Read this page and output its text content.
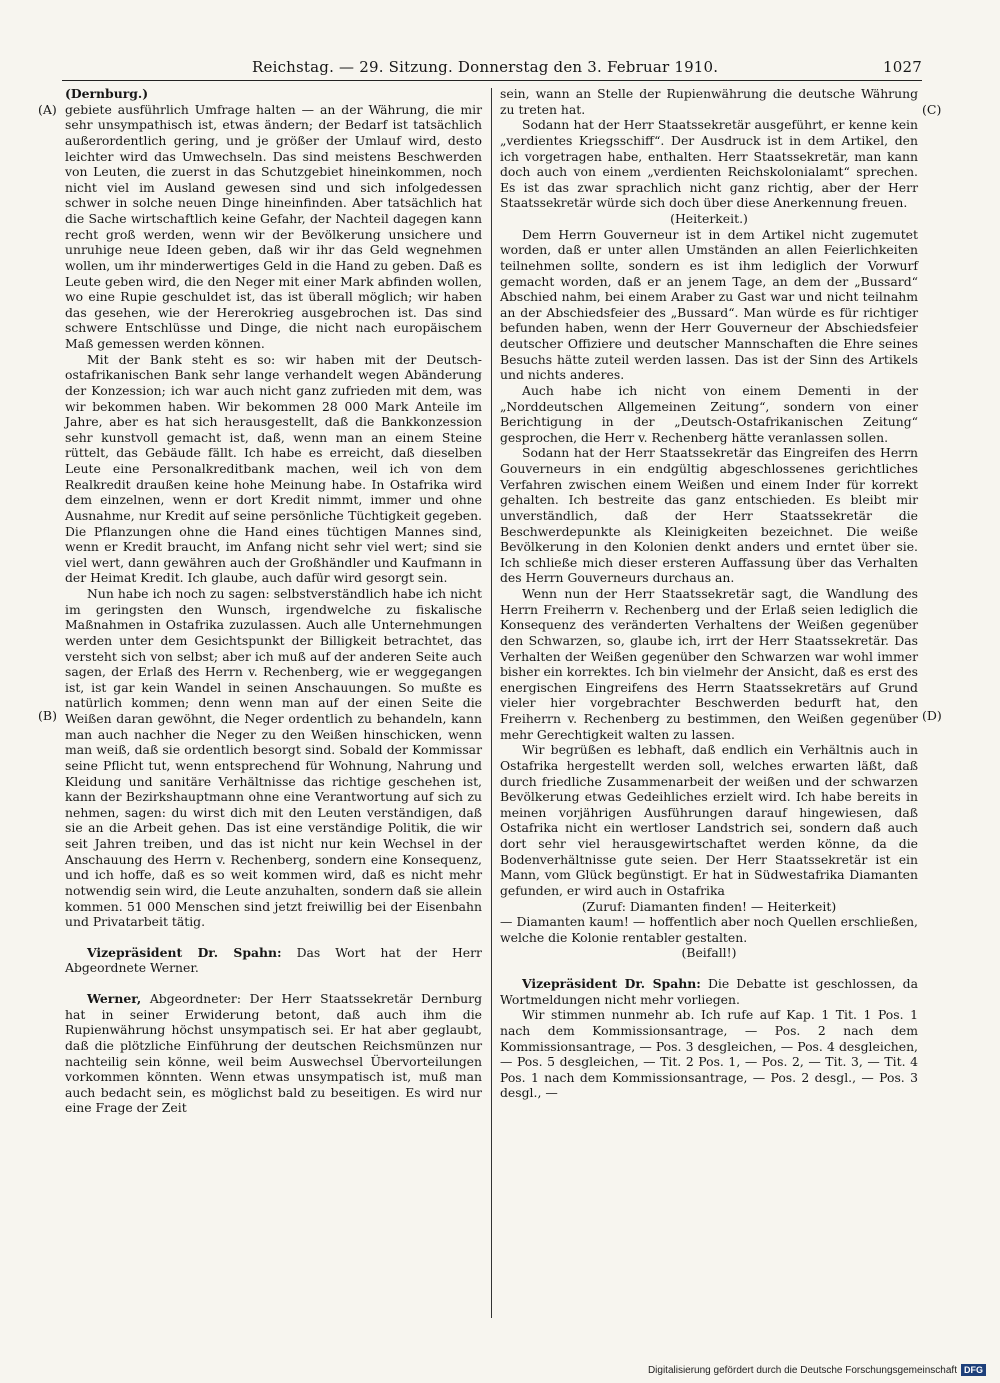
Reichstag. — 29. Sitzung. Donnerstag den 3. Februar 1910.	1027
(A)
(B)
(C)
(D)

(Dernburg.)

gebiete ausführlich Umfrage halten — an der Währung, die mir sehr unsympathisch ist, etwas ändern; der Bedarf ist tatsächlich außerordentlich gering, und je größer der Umlauf wird, desto leichter wird das Umwechseln. Das sind meistens Beschwerden von Leuten, die zuerst in das Schutzgebiet hineinkommen, noch nicht viel im Ausland gewesen sind und sich infolgedessen schwer in solche neuen Dinge hineinfinden. Aber tatsächlich hat die Sache wirtschaftlich keine Gefahr, der Nachteil dagegen kann recht groß werden, wenn wir der Bevölkerung unsichere und unruhige neue Ideen geben, daß wir ihr das Geld wegnehmen wollen, um ihr minderwertiges Geld in die Hand zu geben. Daß es Leute geben wird, die den Neger mit einer Mark abfinden wollen, wo eine Rupie geschuldet ist, das ist überall möglich; wir haben das gesehen, wie der Hererokrieg ausgebrochen ist. Das sind schwere Entschlüsse und Dinge, die nicht nach europäischem Maß gemessen werden können.

Mit der Bank steht es so: wir haben mit der Deutsch-ostafrikanischen Bank sehr lange verhandelt wegen Abänderung der Konzession; ich war auch nicht ganz zufrieden mit dem, was wir bekommen haben. Wir bekommen 28 000 Mark Anteile im Jahre, aber es hat sich herausgestellt, daß die Bankkonzession sehr kunstvoll gemacht ist, daß, wenn man an einem Steine rüttelt, das Gebäude fällt. Ich habe es erreicht, daß dieselben Leute eine Personalkreditbank machen, weil ich von dem Realkredit draußen keine hohe Meinung habe. In Ostafrika wird dem einzelnen, wenn er dort Kredit nimmt, immer und ohne Ausnahme, nur Kredit auf seine persönliche Tüchtigkeit gegeben. Die Pflanzungen ohne die Hand eines tüchtigen Mannes sind, wenn er Kredit braucht, im Anfang nicht sehr viel wert; sind sie viel wert, dann gewähren auch der Großhändler und Kaufmann in der Heimat Kredit. Ich glaube, auch dafür wird gesorgt sein.

Nun habe ich noch zu sagen: selbstverständlich habe ich nicht im geringsten den Wunsch, irgendwelche zu fiskalische Maßnahmen in Ostafrika zuzulassen. Auch alle Unternehmungen werden unter dem Gesichtspunkt der Billigkeit betrachtet, das versteht sich von selbst; aber ich muß auf der anderen Seite auch sagen, der Erlaß des Herrn v. Rechenberg, wie er weggegangen ist, ist gar kein Wandel in seinen Anschauungen. So mußte es natürlich kommen; denn wenn man auf der einen Seite die Weißen daran gewöhnt, die Neger ordentlich zu behandeln, kann man auch nachher die Neger zu den Weißen hinschicken, wenn man weiß, daß sie ordentlich besorgt sind. Sobald der Kommissar seine Pflicht tut, wenn entsprechend für Wohnung, Nahrung und Kleidung und sanitäre Verhältnisse das richtige geschehen ist, kann der Bezirkshauptmann ohne eine Verantwortung auf sich zu nehmen, sagen: du wirst dich mit den Leuten verständigen, daß sie an die Arbeit gehen. Das ist eine verständige Politik, die wir seit Jahren treiben, und das ist nicht nur kein Wechsel in der Anschauung des Herrn v. Rechenberg, sondern eine Konsequenz, und ich hoffe, daß es so weit kommen wird, daß es nicht mehr notwendig sein wird, die Leute anzuhalten, sondern daß sie allein kommen. 51 000 Menschen sind jetzt freiwillig bei der Eisenbahn und Privatarbeit tätig.

Vizepräsident Dr. Spahn: Das Wort hat der Herr Abgeordnete Werner.

Werner, Abgeordneter: Der Herr Staatssekretär Dernburg hat in seiner Erwiderung betont, daß auch ihm die Rupienwährung höchst unsympatisch sei. Er hat aber geglaubt, daß die plötzliche Einführung der deutschen Reichsmünzen nur nachteilig sein könne, weil beim Auswechsel Übervorteilungen vorkommen könnten. Wenn etwas unsympatisch ist, muß man auch bedacht sein, es möglichst bald zu beseitigen. Es wird nur eine Frage der Zeit

sein, wann an Stelle der Rupienwährung die deutsche Währung zu treten hat.

Sodann hat der Herr Staatssekretär ausgeführt, er kenne kein „verdientes Kriegsschiff“. Der Ausdruck ist in dem Artikel, den ich vorgetragen habe, enthalten. Herr Staatssekretär, man kann doch auch von einem „verdienten Reichskolonialamt“ sprechen. Es ist das zwar sprachlich nicht ganz richtig, aber der Herr Staatssekretär würde sich doch über diese Anerkennung freuen.

(Heiterkeit.)

Dem Herrn Gouverneur ist in dem Artikel nicht zugemutet worden, daß er unter allen Umständen an allen Feierlichkeiten teilnehmen sollte, sondern es ist ihm lediglich der Vorwurf gemacht worden, daß er an jenem Tage, an dem der „Bussard“ Abschied nahm, bei einem Araber zu Gast war und nicht teilnahm an der Abschiedsfeier des „Bussard“. Man würde es für richtiger befunden haben, wenn der Herr Gouverneur der Abschiedsfeier deutscher Offiziere und deutscher Mannschaften die Ehre seines Besuchs hätte zuteil werden lassen. Das ist der Sinn des Artikels und nichts anderes.

Auch habe ich nicht von einem Dementi in der „Norddeutschen Allgemeinen Zeitung“, sondern von einer Berichtigung in der „Deutsch-Ostafrikanischen Zeitung“ gesprochen, die Herr v. Rechenberg hätte veranlassen sollen.

Sodann hat der Herr Staatssekretär das Eingreifen des Herrn Gouverneurs in ein endgültig abgeschlossenes gerichtliches Verfahren zwischen einem Weißen und einem Inder für korrekt gehalten. Ich bestreite das ganz entschieden. Es bleibt mir unverständlich, daß der Herr Staatssekretär die Beschwerdepunkte als Kleinigkeiten bezeichnet. Die weiße Bevölkerung in den Kolonien denkt anders und erntet über sie. Ich schließe mich dieser ersteren Auffassung über das Verhalten des Herrn Gouverneurs durchaus an.

Wenn nun der Herr Staatssekretär sagt, die Wandlung des Herrn Freiherrn v. Rechenberg und der Erlaß seien lediglich die Konsequenz des veränderten Verhaltens der Weißen gegenüber den Schwarzen, so, glaube ich, irrt der Herr Staatssekretär. Das Verhalten der Weißen gegenüber den Schwarzen war wohl immer bisher ein korrektes. Ich bin vielmehr der Ansicht, daß es erst des energischen Eingreifens des Herrn Staatssekretärs auf Grund vieler hier vorgebrachter Beschwerden bedurft hat, den Freiherrn v. Rechenberg zu bestimmen, den Weißen gegenüber mehr Gerechtigkeit walten zu lassen.

Wir begrüßen es lebhaft, daß endlich ein Verhältnis auch in Ostafrika hergestellt werden soll, welches erwarten läßt, daß durch friedliche Zusammenarbeit der weißen und der schwarzen Bevölkerung etwas Gedeihliches erzielt wird. Ich habe bereits in meinen vorjährigen Ausführungen darauf hingewiesen, daß Ostafrika nicht ein wertloser Landstrich sei, sondern daß auch dort sehr viel herausgewirtschaftet werden könne, da die Bodenverhältnisse gute seien. Der Herr Staatssekretär ist ein Mann, vom Glück begünstigt. Er hat in Südwestafrika Diamanten gefunden, er wird auch in Ostafrika

(Zuruf: Diamanten finden! — Heiterkeit)

— Diamanten kaum! — hoffentlich aber noch Quellen erschließen, welche die Kolonie rentabler gestalten.

(Beifall!)

Vizepräsident Dr. Spahn: Die Debatte ist geschlossen, da Wortmeldungen nicht mehr vorliegen.

Wir stimmen nunmehr ab. Ich rufe auf Kap. 1 Tit. 1 Pos. 1 nach dem Kommissionsantrage, — Pos. 2 nach dem Kommissionsantrage, — Pos. 3 desgleichen, — Pos. 4 desgleichen, — Pos. 5 desgleichen, — Tit. 2 Pos. 1, — Pos. 2, — Tit. 3, — Tit. 4 Pos. 1 nach dem Kommissionsantrage, — Pos. 2 desgl., — Pos. 3 desgl., —

Digitalisierung gefördert durch die Deutsche Forschungsgemeinschaft DFG
